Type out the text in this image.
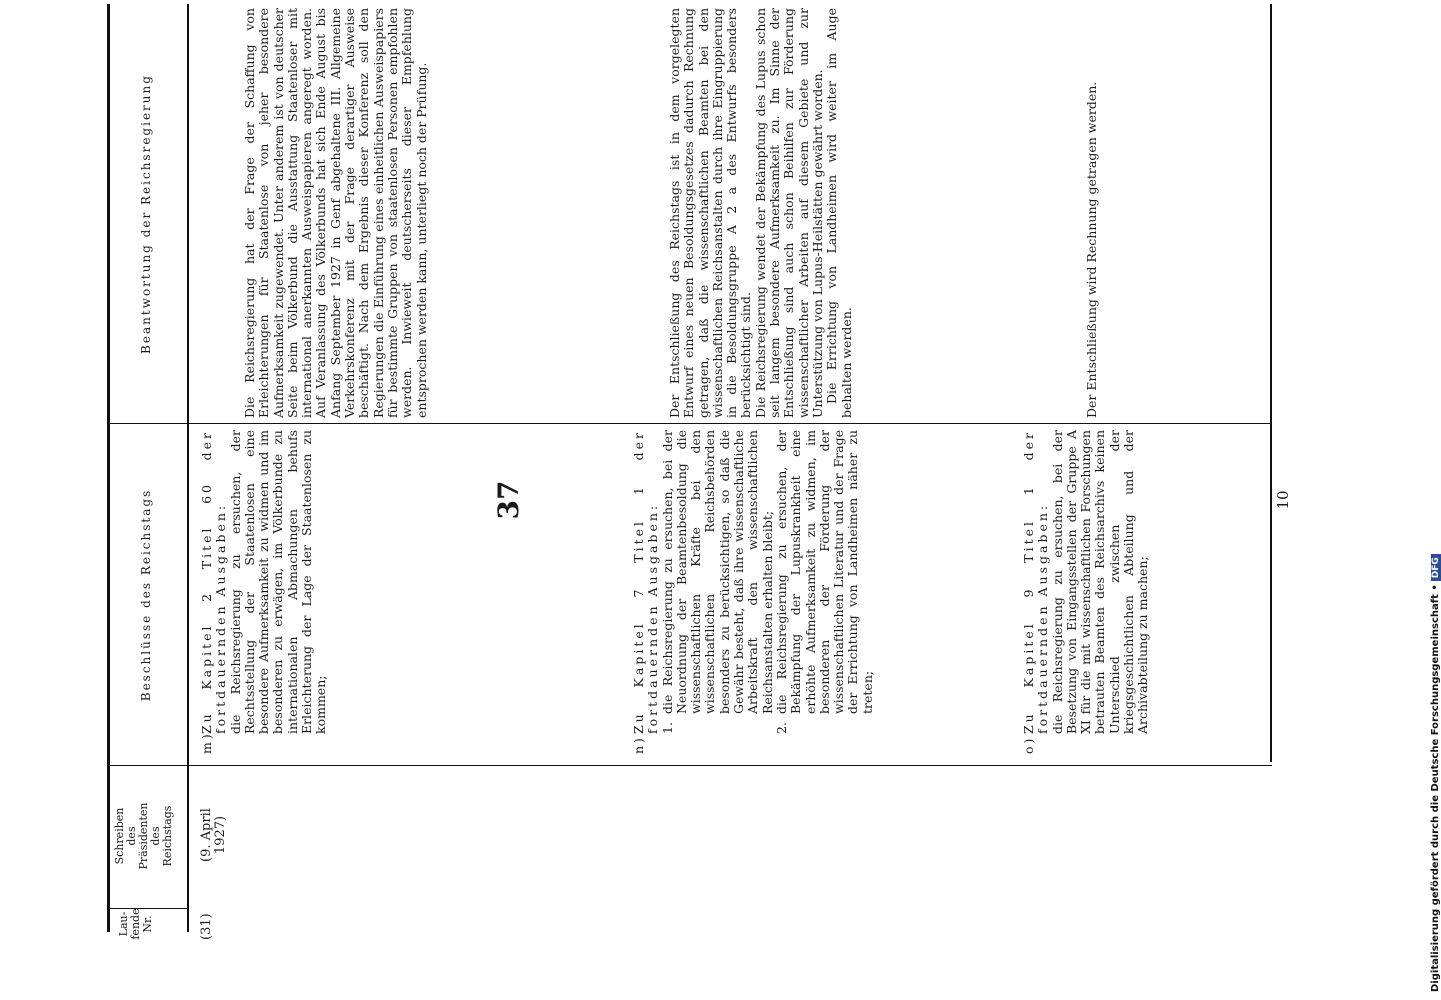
37
Lau- fende Nr.
Schreiben des Präsidenten des Reichstags
Beschlüsse des Reichstags
Beantwortung der Reichsregierung
(31)
(9. April 1927)

m)Zu Kapitel 2 Titel 60 der fortdauernden Ausgaben: die Reichsregierung zu ersuchen, der Rechtsstellung der Staatenlosen eine besondere Aufmerksamkeit zu widmen und im besonderen zu erwägen, im Völkerbunde zu internationalen Abmachungen behufs Erleichterung der Lage der Staatenlosen zu kommen;

Die Reichsregierung hat der Frage der Schaffung von Erleichterungen für Staatenlose von jeher besondere Aufmerksamkeit zugewendet. Unter anderem ist von deutscher Seite beim Völkerbund die Ausstattung Staatenloser mit international anerkannten Ausweispapieren angeregt worden. Auf Veranlassung des Völkerbunds hat sich Ende August bis Anfang September 1927 in Genf abgehaltene III. Allgemeine Verkehrskonferenz mit der Frage derartiger Ausweise beschäftigt. Nach dem Ergebnis dieser Konferenz soll den Regierungen die Einführung eines einheitlichen Ausweispapiers für bestimmte Gruppen von staatenlosen Personen empfohlen werden. Inwieweit deutscherseits dieser Empfehlung entsprochen werden kann, unterliegt noch der Prüfung.

n)Zu Kapitel 7 Titel 1 der fortdauernden Ausgaben: 1.die Reichsregierung zu ersuchen, bei der Neuordnung der Beamtenbesoldung die wissenschaftlichen Kräfte bei den wissenschaftlichen Reichsbehörden besonders zu berücksichtigen, so daß die Gewähr besteht, daß ihre wissenschaftliche Arbeitskraft den wissenschaftlichen Reichsanstalten erhalten bleibt;

2.die Reichsregierung zu ersuchen, der Bekämpfung der Lupuskrankheit eine erhöhte Aufmerksamkeit zu widmen, im besonderen der Förderung der wissenschaftlichen Literatur und der Frage der Errichtung von Landheimen näher zu treten;

Der Entschließung des Reichstags ist in dem vorgelegten Entwurf eines neuen Besoldungsgesetzes dadurch Rechnung getragen, daß die wissenschaftlichen Beamten bei den wissenschaftlichen Reichsanstalten durch ihre Eingruppierung in die Besoldungsgruppe A 2 a des Entwurfs besonders berücksichtigt sind. Die Reichsregierung wendet der Bekämpfung des Lupus schon seit langem besondere Aufmerksamkeit zu. Im Sinne der Entschließung sind auch schon Beihilfen zur Förderung wissenschaftlicher Arbeiten auf diesem Gebiete und zur Unterstützung von Lupus-Heilstätten gewährt worden. Die Errichtung von Landheimen wird weiter im Auge behalten werden.

o)Zu Kapitel 9 Titel 1 der fortdauernden Ausgaben: die Reichsregierung zu ersuchen, bei der Besetzung von Eingangsstellen der Gruppe A XI für die mit wissenschaftlichen Forschungen betrauten Beamten des Reichsarchivs keinen Unterschied zwischen der kriegsgeschichtlichen Abteilung und der Archivabteilung zu machen;

Der Entschließung wird Rechnung getragen werden.

10
Digitalisierung gefördert durch die Deutsche Forschungsgemeinschaft •DFG
